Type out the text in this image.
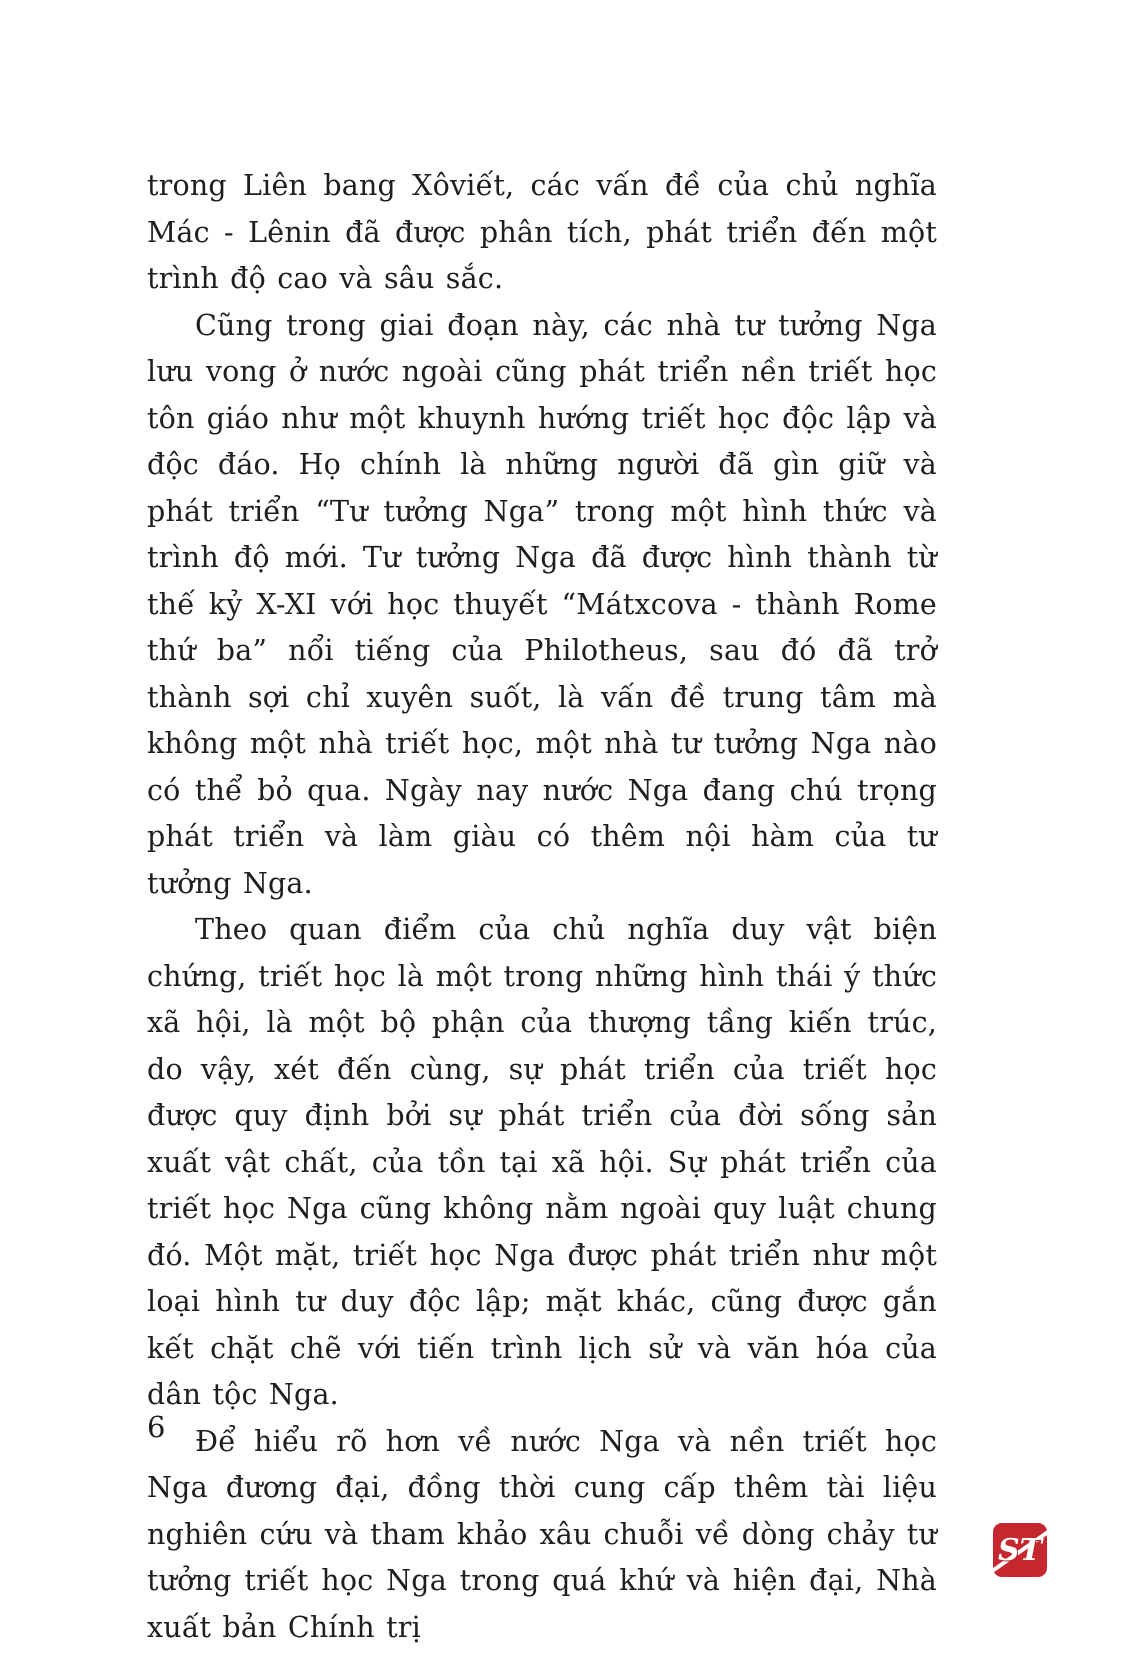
trong Liên bang Xôviết, các vấn đề của chủ nghĩa Mác - Lênin đã được phân tích, phát triển đến một trình độ cao và sâu sắc.

Cũng trong giai đoạn này, các nhà tư tưởng Nga lưu vong ở nước ngoài cũng phát triển nền triết học tôn giáo như một khuynh hướng triết học độc lập và độc đáo. Họ chính là những người đã gìn giữ và phát triển “Tư tưởng Nga” trong một hình thức và trình độ mới. Tư tưởng Nga đã được hình thành từ thế kỷ X-XI với học thuyết “Mátxcova - thành Rome thứ ba” nổi tiếng của Philotheus, sau đó đã trở thành sợi chỉ xuyên suốt, là vấn đề trung tâm mà không một nhà triết học, một nhà tư tưởng Nga nào có thể bỏ qua. Ngày nay nước Nga đang chú trọng phát triển và làm giàu có thêm nội hàm của tư tưởng Nga.

Theo quan điểm của chủ nghĩa duy vật biện chứng, triết học là một trong những hình thái ý thức xã hội, là một bộ phận của thượng tầng kiến trúc, do vậy, xét đến cùng, sự phát triển của triết học được quy định bởi sự phát triển của đời sống sản xuất vật chất, của tồn tại xã hội. Sự phát triển của triết học Nga cũng không nằm ngoài quy luật chung đó. Một mặt, triết học Nga được phát triển như một loại hình tư duy độc lập; mặt khác, cũng được gắn kết chặt chẽ với tiến trình lịch sử và văn hóa của dân tộc Nga.

Để hiểu rõ hơn về nước Nga và nền triết học Nga đương đại, đồng thời cung cấp thêm tài liệu nghiên cứu và tham khảo xâu chuỗi về dòng chảy tư tưởng triết học Nga trong quá khứ và hiện đại, Nhà xuất bản Chính trị

6
ST
